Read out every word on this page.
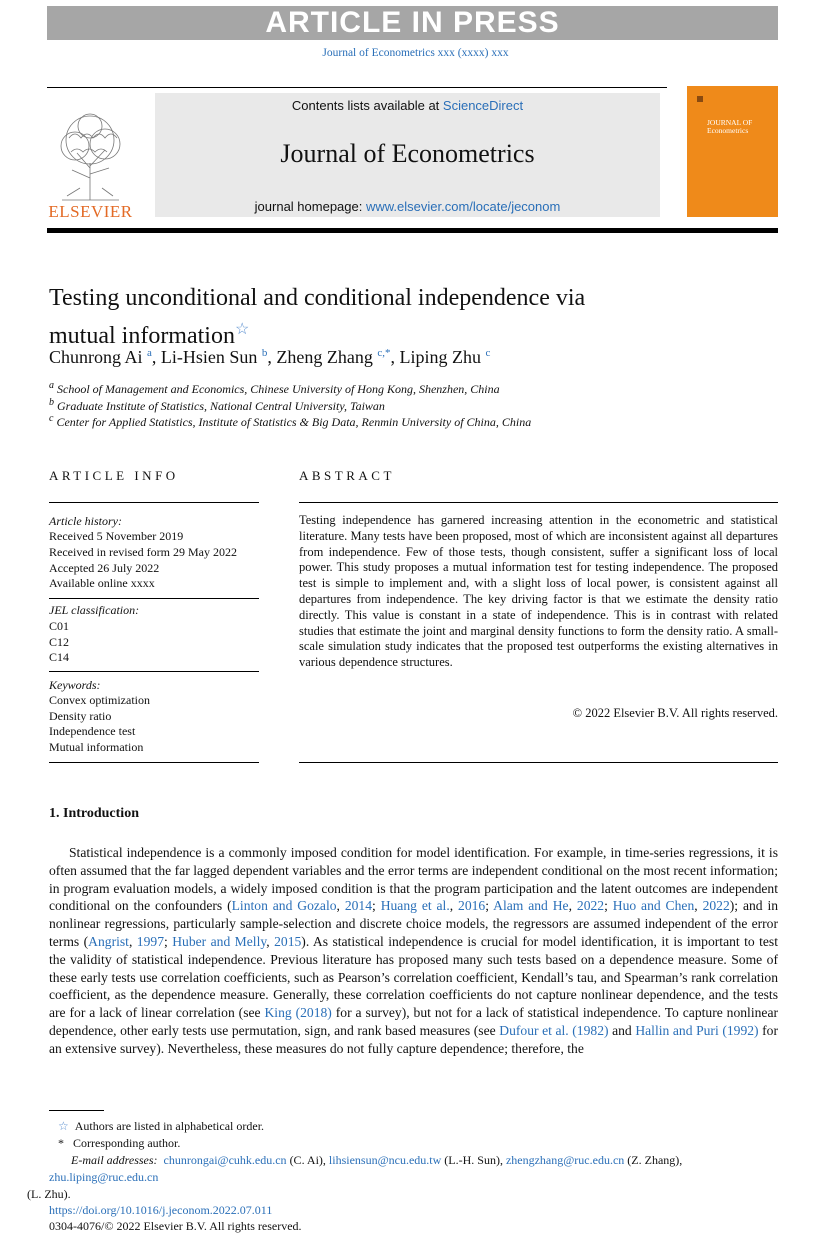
ARTICLE IN PRESS
Journal of Econometrics xxx (xxxx) xxx
ELSEVIER
Contents lists available at ScienceDirect
Journal of Econometrics
journal homepage: www.elsevier.com/locate/jeconom
JOURNAL OF
Econometrics
Testing unconditional and conditional independence via
mutual information☆
Chunrong Ai $^a$, Li-Hsien Sun $^b$, Zheng Zhang $^{c,*}$, Liping Zhu $^c$
$^a$ School of Management and Economics, Chinese University of Hong Kong, Shenzhen, China
$^b$ Graduate Institute of Statistics, National Central University, Taiwan
$^c$ Center for Applied Statistics, Institute of Statistics & Big Data, Renmin University of China, China
ARTICLE INFO
Article history:
Received 5 November 2019
Received in revised form 29 May 2022
Accepted 26 July 2022
Available online xxxx
JEL classification:
C01
C12
C14
Keywords:
Convex optimization
Density ratio
Independence test
Mutual information
ABSTRACT
Testing independence has garnered increasing attention in the econometric and statistical literature. Many tests have been proposed, most of which are inconsistent against all departures from independence. Few of those tests, though consistent, suffer a significant loss of local power. This study proposes a mutual information test for testing independence. The proposed test is simple to implement and, with a slight loss of local power, is consistent against all departures from independence. The key driving factor is that we estimate the density ratio directly. This value is constant in a state of independence. This is in contrast with related studies that estimate the joint and marginal density functions to form the density ratio. A small-scale simulation study indicates that the proposed test outperforms the existing alternatives in various dependence structures.
© 2022 Elsevier B.V. All rights reserved.
1. Introduction
Statistical independence is a commonly imposed condition for model identification. For example, in time-series regressions, it is often assumed that the far lagged dependent variables and the error terms are independent conditional on the most recent information; in program evaluation models, a widely imposed condition is that the program participation and the latent outcomes are independent conditional on the confounders (Linton and Gozalo, 2014; Huang et al., 2016; Alam and He, 2022; Huo and Chen, 2022); and in nonlinear regressions, particularly sample-selection and discrete choice models, the regressors are assumed independent of the error terms (Angrist, 1997; Huber and Melly, 2015). As statistical independence is crucial for model identification, it is important to test the validity of statistical independence. Previous literature has proposed many such tests based on a dependence measure. Some of these early tests use correlation coefficients, such as Pearson’s correlation coefficient, Kendall’s tau, and Spearman’s rank correlation coefficient, as the dependence measure. Generally, these correlation coefficients do not capture nonlinear dependence, and the tests are for a lack of linear correlation (see King (2018) for a survey), but not for a lack of statistical independence. To capture nonlinear dependence, other early tests use permutation, sign, and rank based measures (see Dufour et al. (1982) and Hallin and Puri (1992) for an extensive survey). Nevertheless, these measures do not fully capture dependence; therefore, the
☆ Authors are listed in alphabetical order.
* Corresponding author.
E-mail addresses: chunrongai@cuhk.edu.cn (C. Ai), lihsiensun@ncu.edu.tw (L.-H. Sun), zhengzhang@ruc.edu.cn (Z. Zhang), zhu.liping@ruc.edu.cn
(L. Zhu).
https://doi.org/10.1016/j.jeconom.2022.07.011
0304-4076/© 2022 Elsevier B.V. All rights reserved.
